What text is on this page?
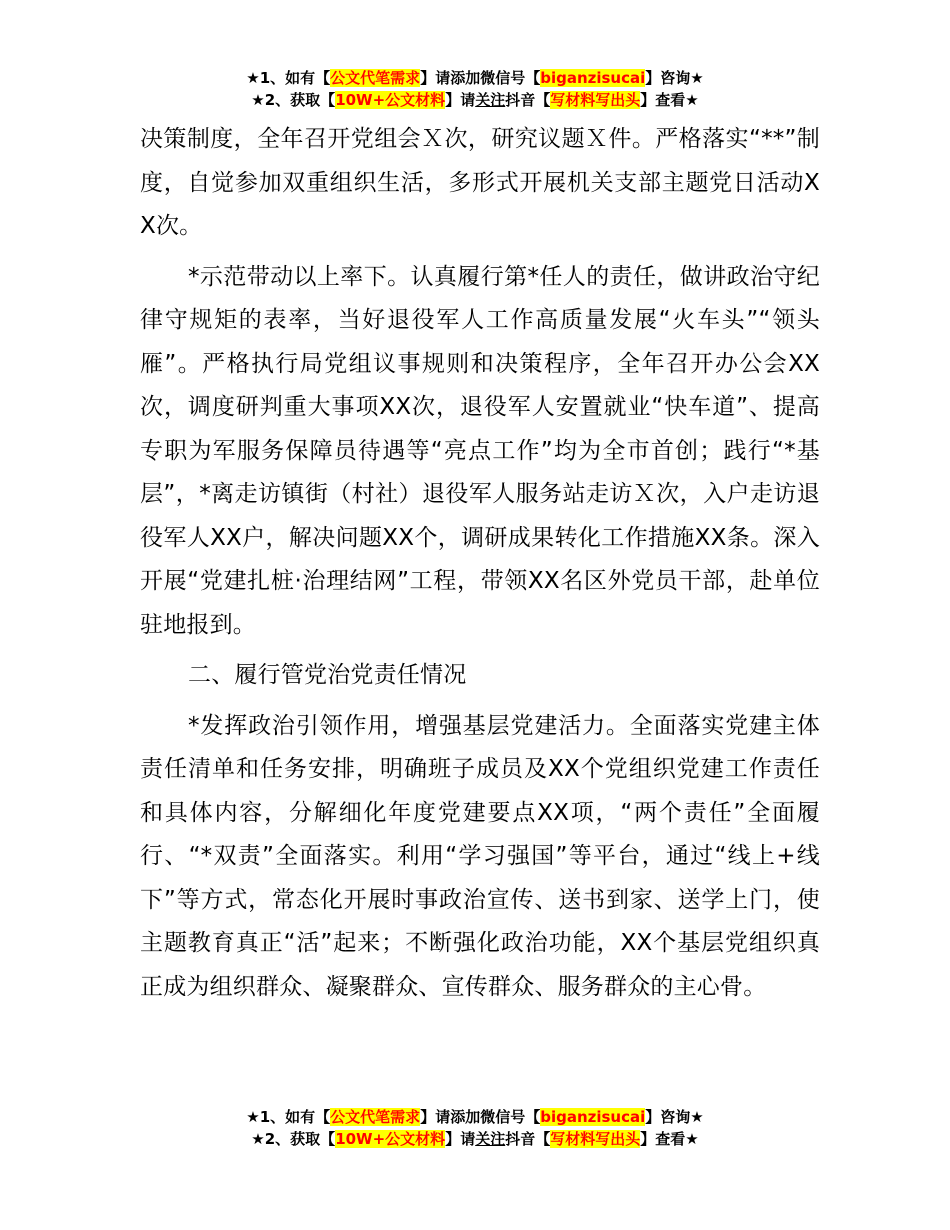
★1、如有【公文代笔需求】请添加微信号【biganzisucai】咨询★
★2、获取【10W+公文材料】请关注抖音【写材料写出头】查看★

决策制度，全年召开党组会Ｘ次，研究议题Ｘ件。严格落实“**”制度，自觉参加双重组织生活，多形式开展机关支部主题党日活动XX次。

*示范带动以上率下。认真履行第*任人的责任，做讲政治守纪律守规矩的表率，当好退役军人工作高质量发展“火车头”“领头雁”。严格执行局党组议事规则和决策程序，全年召开办公会XX次，调度研判重大事项XX次，退役军人安置就业“快车道”、提高专职为军服务保障员待遇等“亮点工作”均为全市首创；践行“*基层”，*离走访镇街（村社）退役军人服务站走访Ｘ次，入户走访退役军人XX户，解决问题XX个，调研成果转化工作措施XX条。深入开展“党建扎桩·治理结网”工程，带领XX名区外党员干部，赴单位驻地报到。

二、履行管党治党责任情况

*发挥政治引领作用，增强基层党建活力。全面落实党建主体责任清单和任务安排，明确班子成员及XX个党组织党建工作责任和具体内容，分解细化年度党建要点XX项，“两个责任”全面履行、“*双责”全面落实。利用“学习强国”等平台，通过“线上+线下”等方式，常态化开展时事政治宣传、送书到家、送学上门，使主题教育真正“活”起来；不断强化政治功能，XX个基层党组织真正成为组织群众、凝聚群众、宣传群众、服务群众的主心骨。

★1、如有【公文代笔需求】请添加微信号【biganzisucai】咨询★
★2、获取【10W+公文材料】请关注抖音【写材料写出头】查看★
